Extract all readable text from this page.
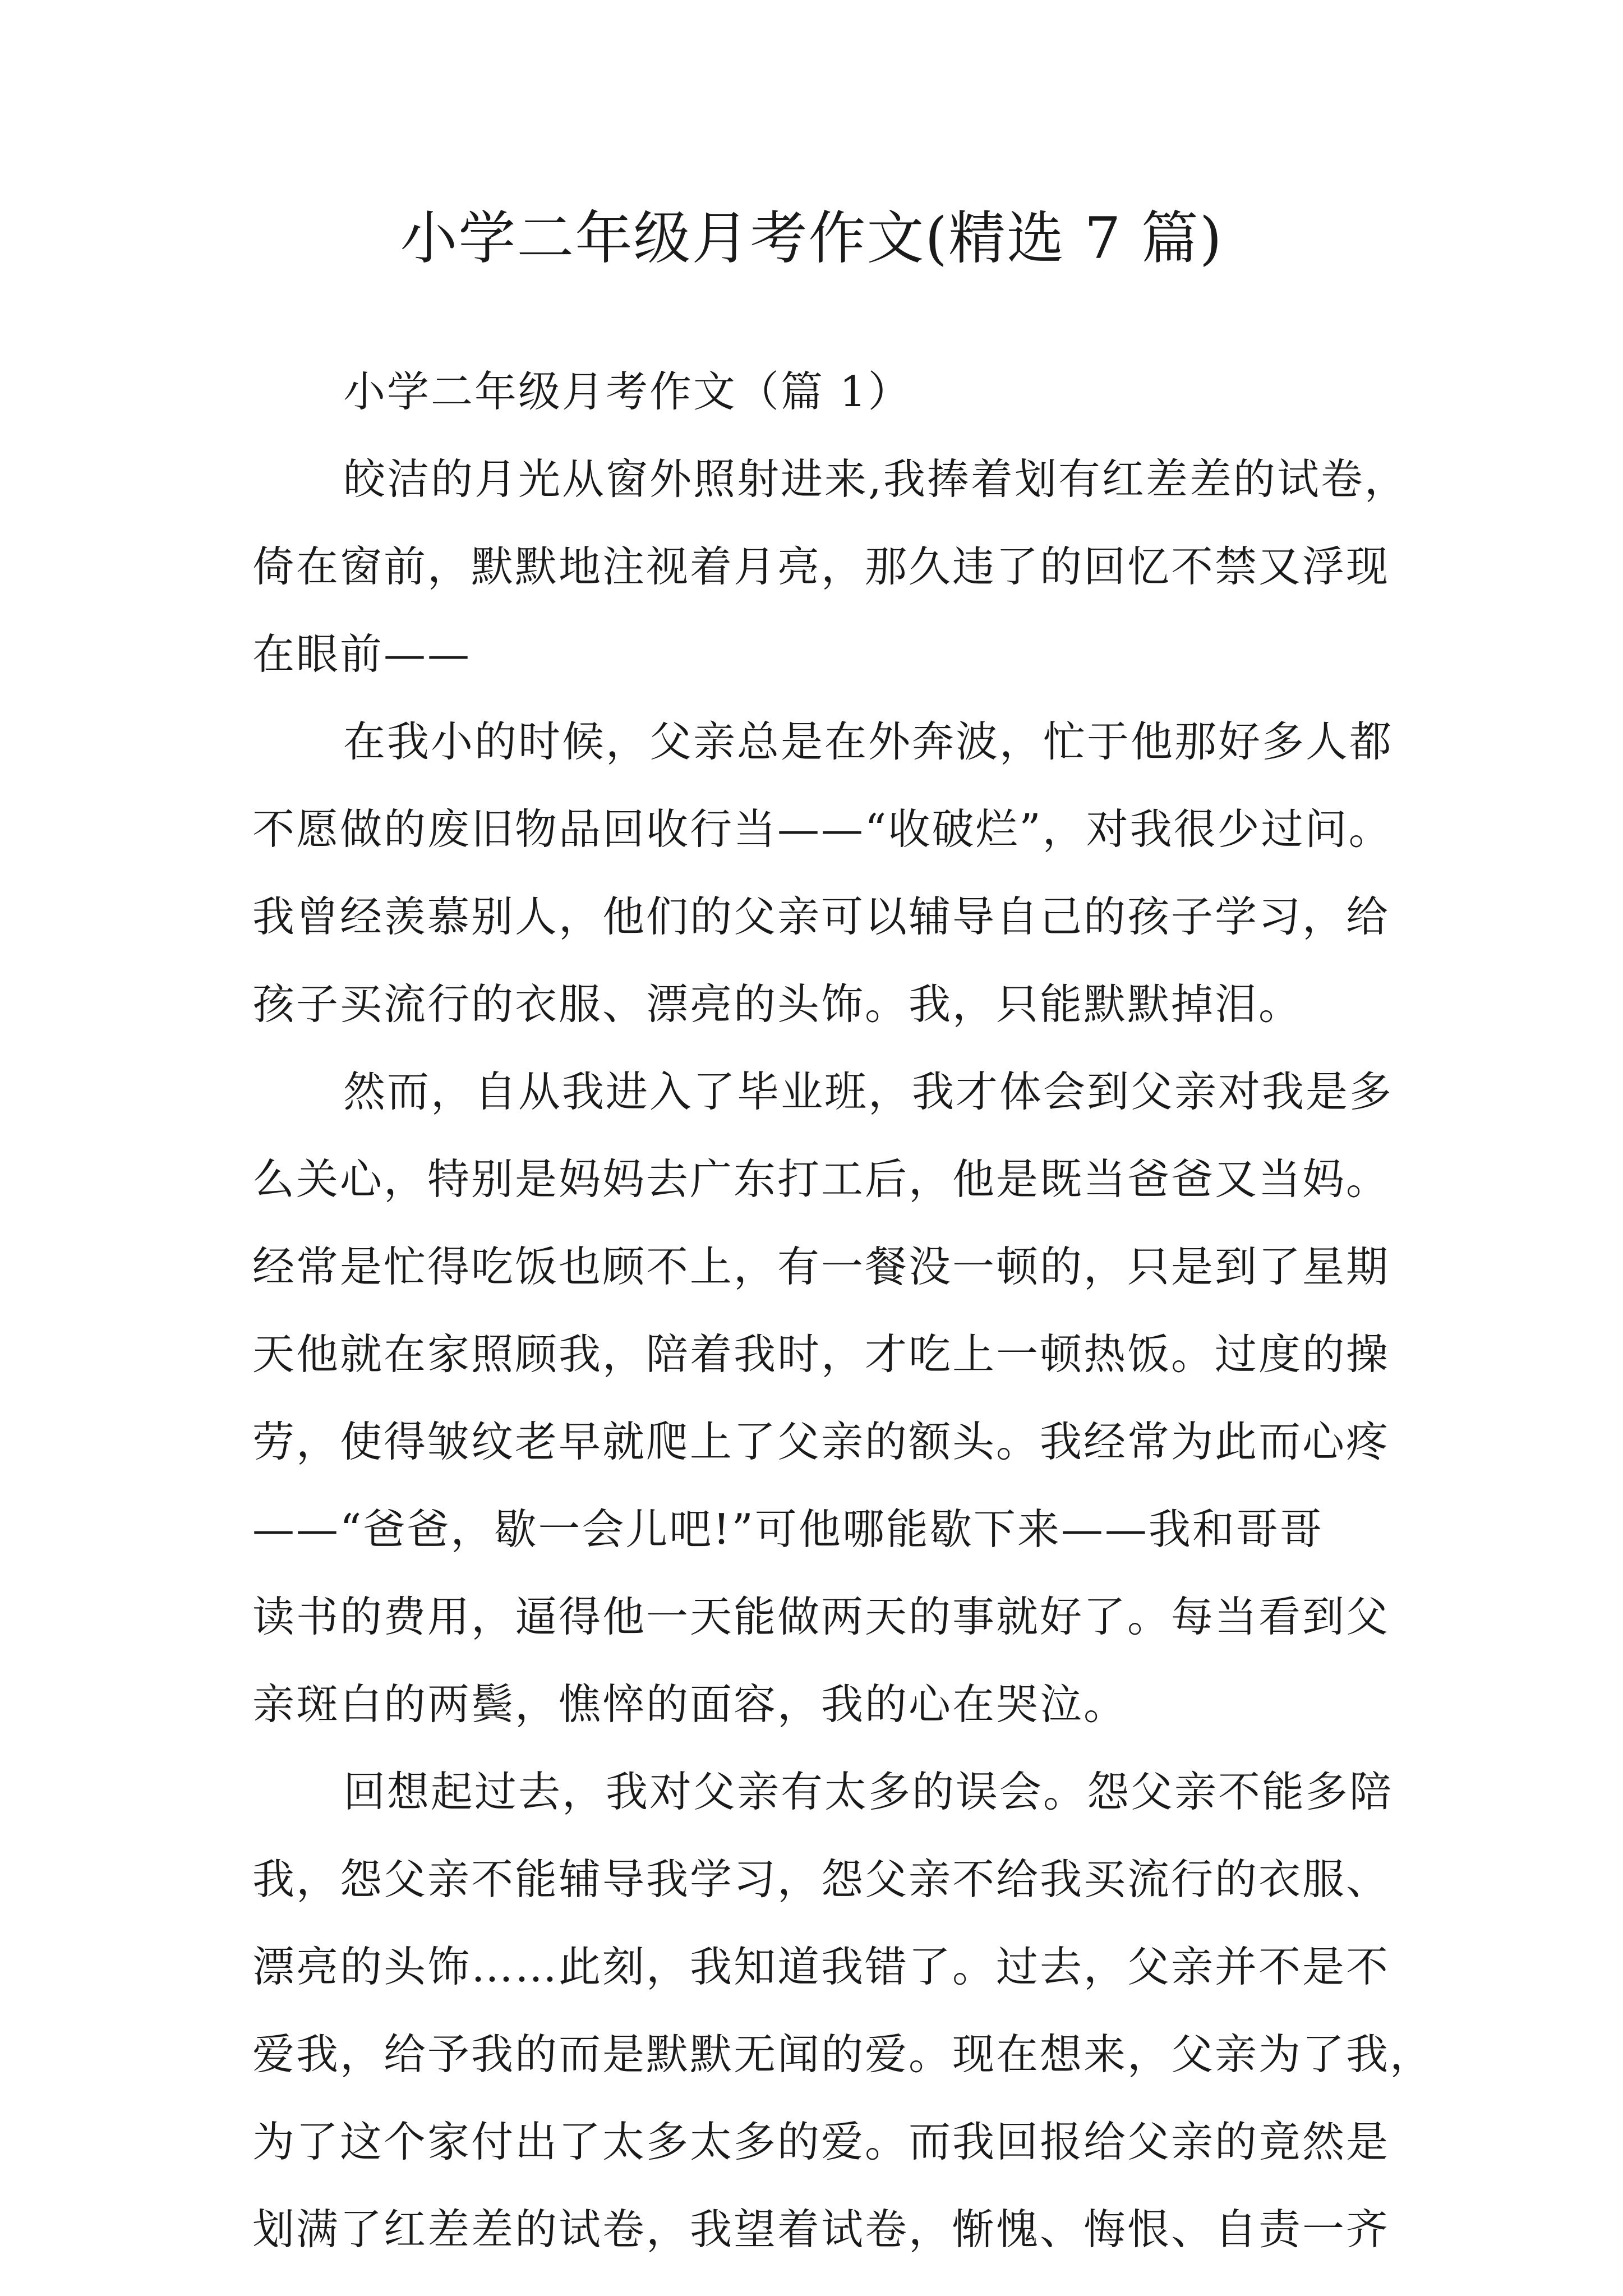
小学二年级月考作文(精选 7 篇)
小学二年级月考作文（篇 1）
皎洁的月光从窗外照射进来,我捧着划有红差差的试卷，
倚在窗前，默默地注视着月亮，那久违了的回忆不禁又浮现
在眼前——
在我小的时候，父亲总是在外奔波，忙于他那好多人都
不愿做的废旧物品回收行当——“收破烂”，对我很少过问。
我曾经羡慕别人，他们的父亲可以辅导自己的孩子学习，给
孩子买流行的衣服、漂亮的头饰。我，只能默默掉泪。
然而，自从我进入了毕业班，我才体会到父亲对我是多
么关心，特别是妈妈去广东打工后，他是既当爸爸又当妈。
经常是忙得吃饭也顾不上，有一餐没一顿的，只是到了星期
天他就在家照顾我，陪着我时，才吃上一顿热饭。过度的操
劳，使得皱纹老早就爬上了父亲的额头。我经常为此而心疼
——“爸爸，歇一会儿吧!”可他哪能歇下来——我和哥哥
读书的费用，逼得他一天能做两天的事就好了。每当看到父
亲斑白的两鬓，憔悴的面容，我的心在哭泣。
回想起过去，我对父亲有太多的误会。怨父亲不能多陪
我，怨父亲不能辅导我学习，怨父亲不给我买流行的衣服、
漂亮的头饰……此刻，我知道我错了。过去，父亲并不是不
爱我，给予我的而是默默无闻的爱。现在想来，父亲为了我，
为了这个家付出了太多太多的爱。而我回报给父亲的竟然是
划满了红差差的试卷，我望着试卷，惭愧、悔恨、自责一齐
